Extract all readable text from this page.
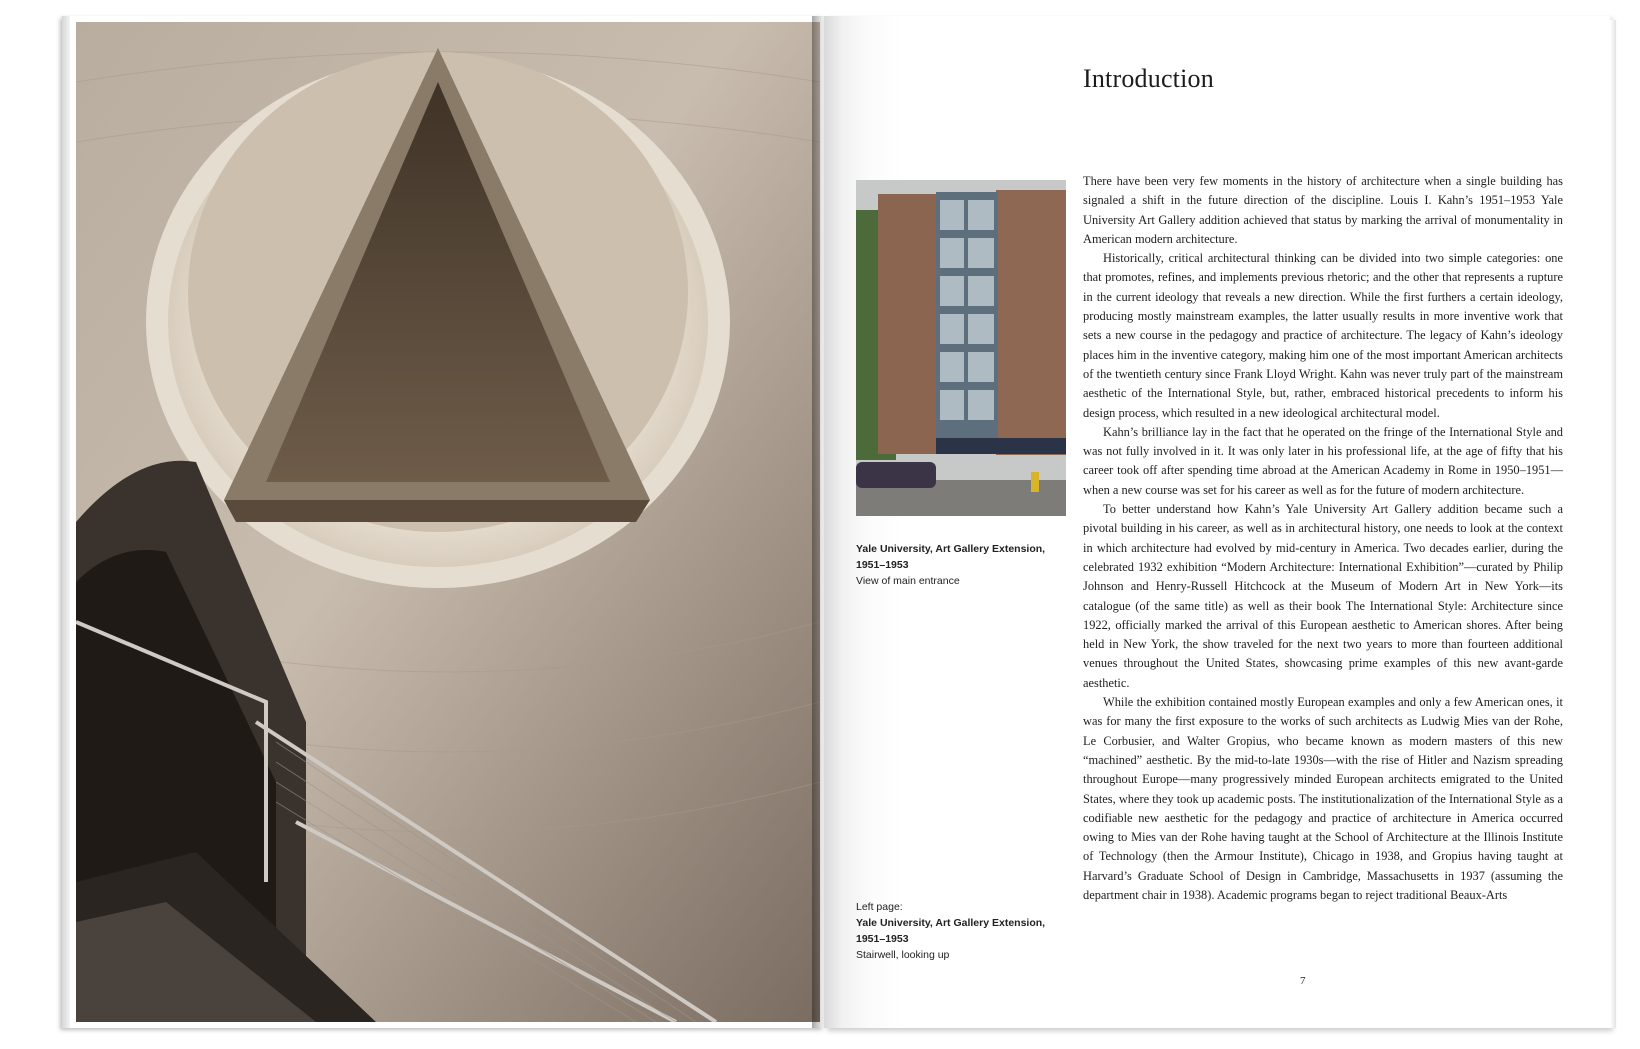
Introduction
Yale University, Art Gallery Extension,
1951–1953
View of main entrance
Left page:
Yale University, Art Gallery Extension,
1951–1953
Stairwell, looking up

There have been very few moments in the history of architecture when a single building has signaled a shift in the future direction of the discipline. Louis I. Kahn’s 1951–1953 Yale University Art Gallery addition achieved that status by marking the arrival of monumentality in American modern architecture.

Historically, critical architectural thinking can be divided into two simple categories: one that promotes, refines, and implements previous rhetoric; and the other that represents a rupture in the current ideology that reveals a new direction. While the first furthers a certain ideology, producing mostly mainstream examples, the latter usually results in more inventive work that sets a new course in the pedagogy and practice of architecture. The legacy of Kahn’s ideology places him in the inventive category, making him one of the most important American architects of the twentieth century since Frank Lloyd Wright. Kahn was never truly part of the mainstream aesthetic of the International Style, but, rather, embraced historical precedents to inform his design process, which resulted in a new ideological architectural model.

Kahn’s brilliance lay in the fact that he operated on the fringe of the International Style and was not fully involved in it. It was only later in his professional life, at the age of fifty that his career took off after spending time abroad at the American Academy in Rome in 1950–1951—when a new course was set for his career as well as for the future of modern architecture.

To better understand how Kahn’s Yale University Art Gallery addition became such a pivotal building in his career, as well as in architectural history, one needs to look at the context in which architecture had evolved by mid-century in America. Two decades earlier, during the celebrated 1932 exhibition “Modern Architecture: International Exhibition”—curated by Philip Johnson and Henry-Russell Hitchcock at the Museum of Modern Art in New York—its catalogue (of the same title) as well as their book The International Style: Architecture since 1922, officially marked the arrival of this European aesthetic to American shores. After being held in New York, the show traveled for the next two years to more than fourteen additional venues throughout the United States, showcasing prime examples of this new avant-garde aesthetic.

While the exhibition contained mostly European examples and only a few American ones, it was for many the first exposure to the works of such architects as Ludwig Mies van der Rohe, Le Corbusier, and Walter Gropius, who became known as modern masters of this new “machined” aesthetic. By the mid-to-late 1930s—with the rise of Hitler and Nazism spreading throughout Europe—many progressively minded European architects emigrated to the United States, where they took up academic posts. The institutionalization of the International Style as a codifiable new aesthetic for the pedagogy and practice of architecture in America occurred owing to Mies van der Rohe having taught at the School of Architecture at the Illinois Institute of Technology (then the Armour Institute), Chicago in 1938, and Gropius having taught at Harvard’s Graduate School of Design in Cambridge, Massachusetts in 1937 (assuming the department chair in 1938). Academic programs began to reject traditional Beaux-Arts

7
